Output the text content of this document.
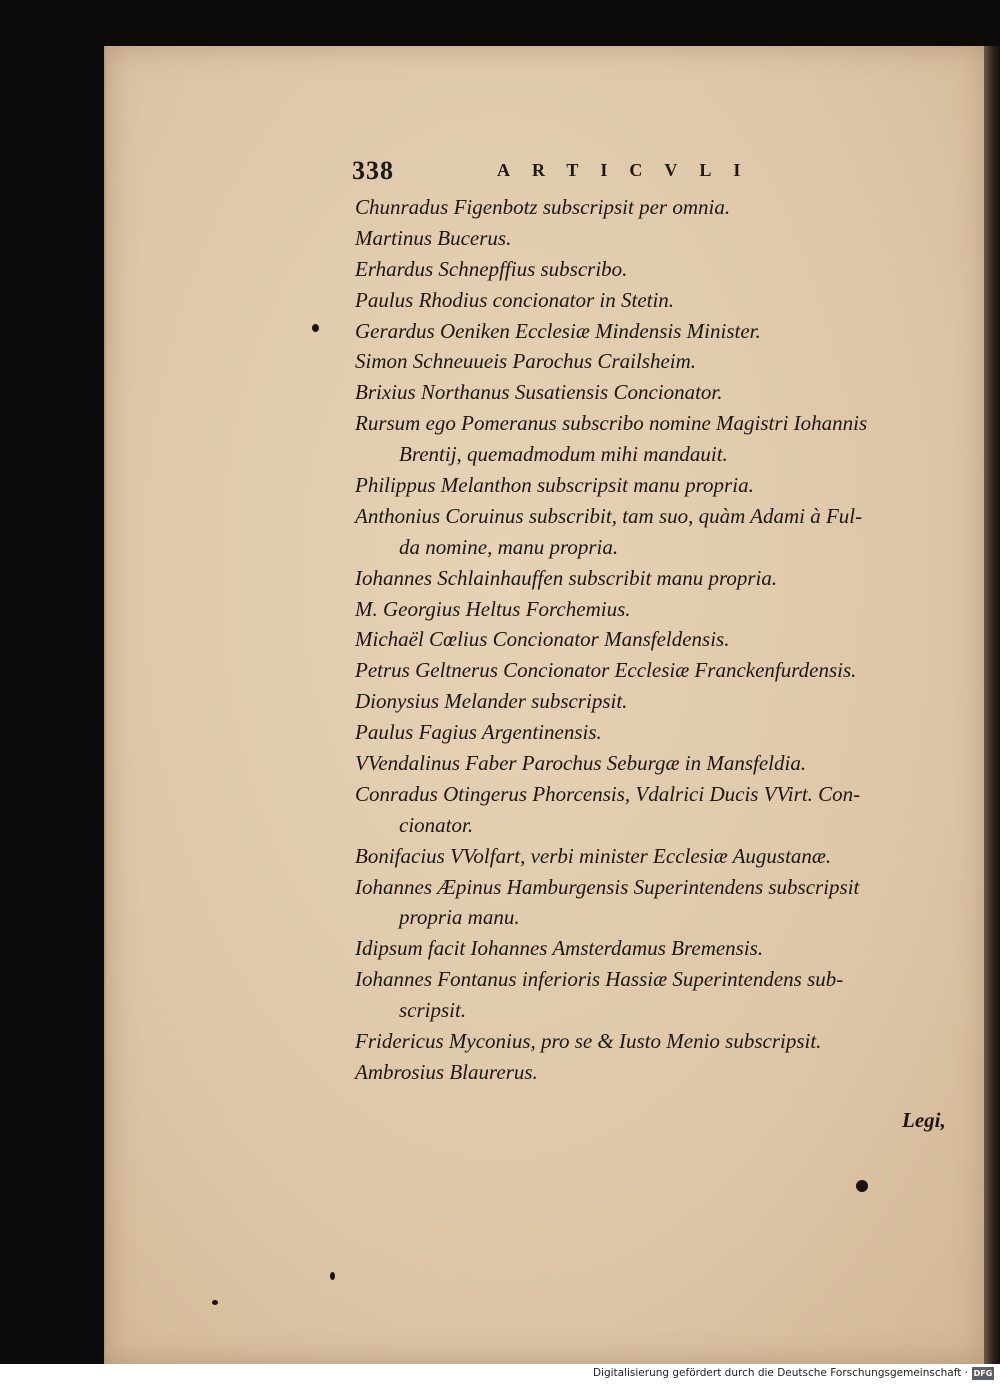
338	ARTICVLI
Chunradus Figenbotz subscripsit per omnia.
Martinus Bucerus.
Erhardus Schnepffius subscribo.
Paulus Rhodius concionator in Stetin.
Gerardus Oeniken Ecclesiæ Mindensis Minister.
Simon Schneuueis Parochus Crailsheim.
Brixius Northanus Susatiensis Concionator.
Rursum ego Pomeranus subscribo nomine Magistri Iohannis
Brentij, quemadmodum mihi mandauit.
Philippus Melanthon subscripsit manu propria.
Anthonius Coruinus subscribit, tam suo, quàm Adami à Ful-
da nomine, manu propria.
Iohannes Schlainhauffen subscribit manu propria.
M. Georgius Heltus Forchemius.
Michaël Cœlius Concionator Mansfeldensis.
Petrus Geltnerus Concionator Ecclesiæ Franckenfurdensis.
Dionysius Melander subscripsit.
Paulus Fagius Argentinensis.
VVendalinus Faber Parochus Seburgæ in Mansfeldia.
Conradus Otingerus Phorcensis, Vdalrici Ducis VVirt. Con-
cionator.
Bonifacius VVolfart, verbi minister Ecclesiæ Augustanæ.
Iohannes Æpinus Hamburgensis Superintendens subscripsit
propria manu.
Idipsum facit Iohannes Amsterdamus Bremensis.
Iohannes Fontanus inferioris Hassiæ Superintendens sub-
scripsit.
Fridericus Myconius, pro se & Iusto Menio subscripsit.
Ambrosius Blaurerus.
Legi,
Digitalisierung gefördert durch die Deutsche Forschungsgemeinschaft · DFG
